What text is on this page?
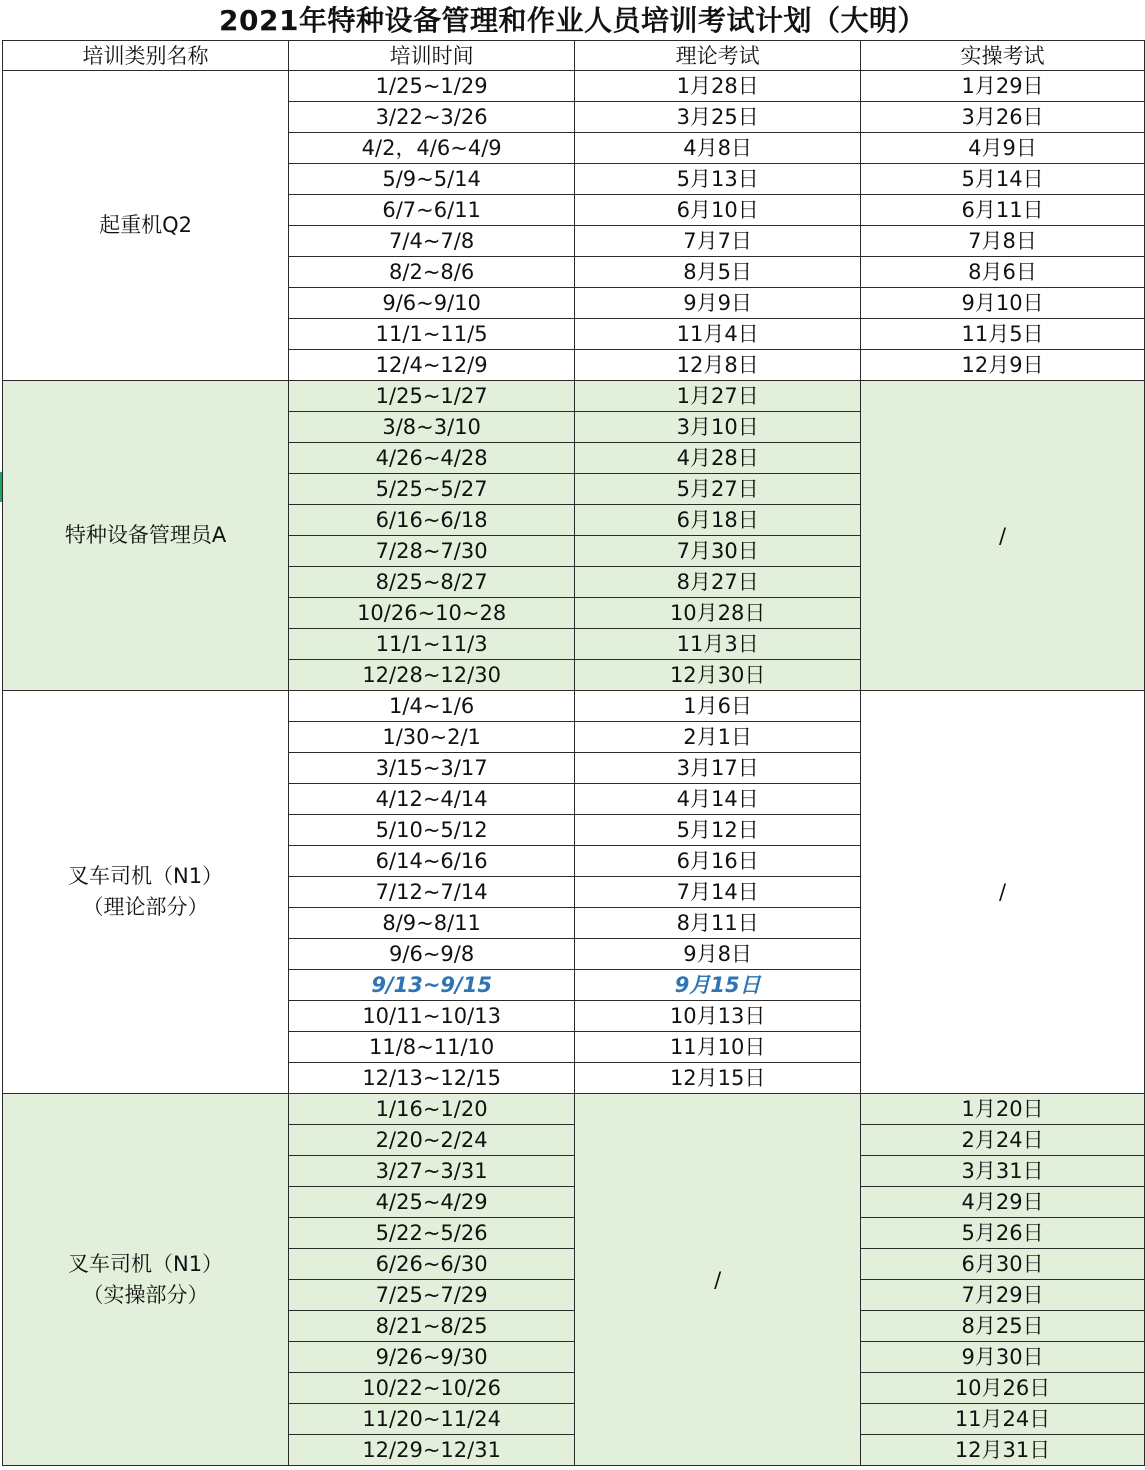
2021年特种设备管理和作业人员培训考试计划（大明）
培训类别名称	培训时间	理论考试	实操考试
起重机Q2	1/25~1/29	1月28日	1月29日
	3/22~3/26	3月25日	3月26日
	4/2，4/6~4/9	4月8日	4月9日
	5/9~5/14	5月13日	5月14日
	6/7~6/11	6月10日	6月11日
	7/4~7/8	7月7日	7月8日
	8/2~8/6	8月5日	8月6日
	9/6~9/10	9月9日	9月10日
	11/1~11/5	11月4日	11月5日
	12/4~12/9	12月8日	12月9日
特种设备管理员A	1/25~1/27	1月27日	/
	3/8~3/10	3月10日	
	4/26~4/28	4月28日	
	5/25~5/27	5月27日	
	6/16~6/18	6月18日	
	7/28~7/30	7月30日	
	8/25~8/27	8月27日	
	10/26~10~28	10月28日	
	11/1~11/3	11月3日	
	12/28~12/30	12月30日	
叉车司机（N1）
（理论部分）	1/4~1/6	1月6日	/
	1/30~2/1	2月1日	
	3/15~3/17	3月17日	
	4/12~4/14	4月14日	
	5/10~5/12	5月12日	
	6/14~6/16	6月16日	
	7/12~7/14	7月14日	
	8/9~8/11	8月11日	
	9/6~9/8	9月8日	
	9/13~9/15	9月15日	
	10/11~10/13	10月13日	
	11/8~11/10	11月10日	
	12/13~12/15	12月15日	
叉车司机（N1）
（实操部分）	1/16~1/20	/	1月20日
	2/20~2/24		2月24日
	3/27~3/31		3月31日
	4/25~4/29		4月29日
	5/22~5/26		5月26日
	6/26~6/30		6月30日
	7/25~7/29		7月29日
	8/21~8/25		8月25日
	9/26~9/30		9月30日
	10/22~10/26		10月26日
	11/20~11/24		11月24日
	12/29~12/31		12月31日
